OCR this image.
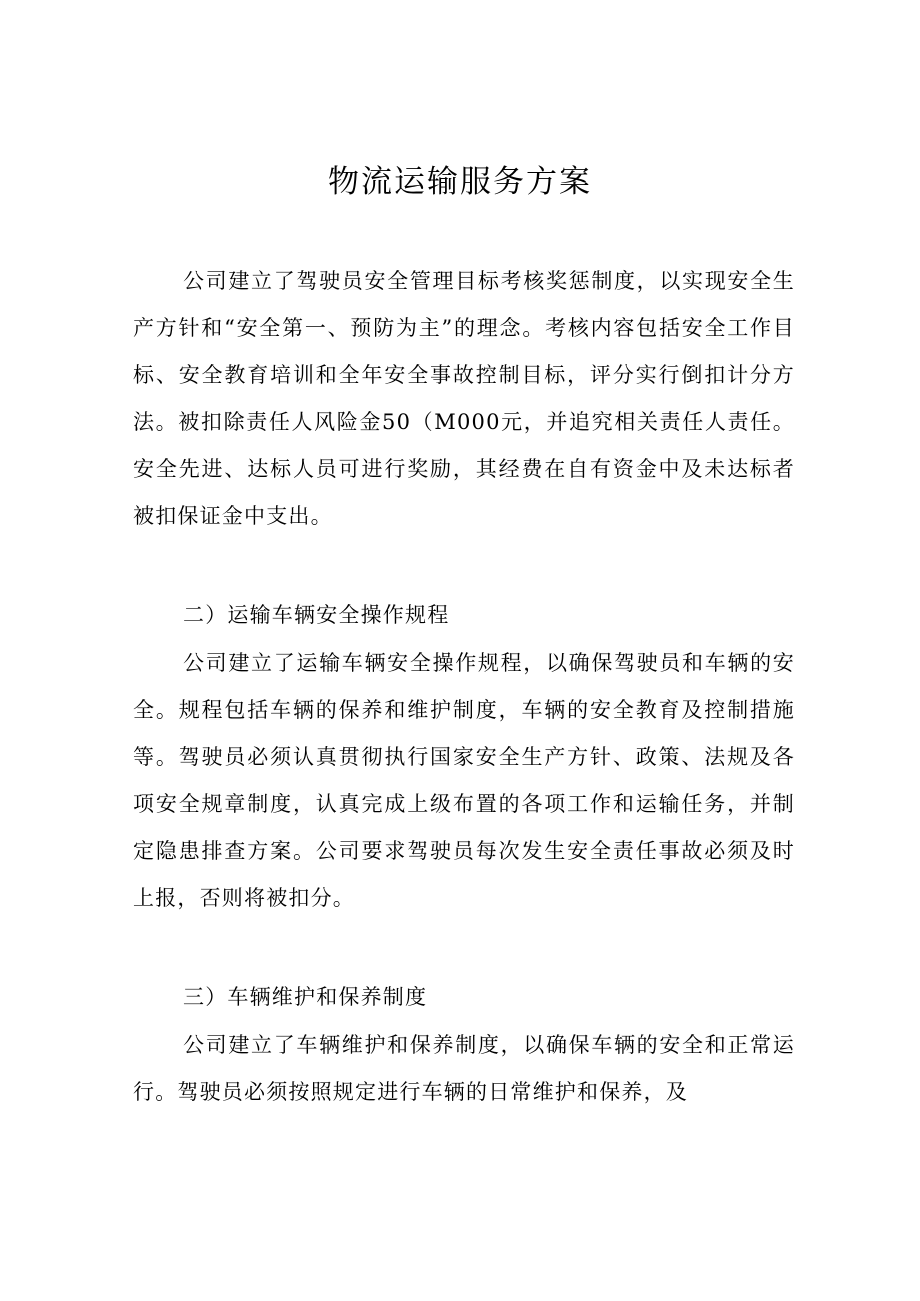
物流运输服务方案

公司建立了驾驶员安全管理目标考核奖惩制度，以实现安全生产方针和“安全第一、预防为主”的理念。考核内容包括安全工作目标、安全教育培训和全年安全事故控制目标，评分实行倒扣计分方法。被扣除责任人风险金50（M000元，并追究相关责任人责任。安全先进、达标人员可进行奖励，其经费在自有资金中及未达标者被扣保证金中支出。

二）运输车辆安全操作规程

公司建立了运输车辆安全操作规程，以确保驾驶员和车辆的安全。规程包括车辆的保养和维护制度，车辆的安全教育及控制措施等。驾驶员必须认真贯彻执行国家安全生产方针、政策、法规及各项安全规章制度，认真完成上级布置的各项工作和运输任务，并制定隐患排查方案。公司要求驾驶员每次发生安全责任事故必须及时上报，否则将被扣分。

三）车辆维护和保养制度

公司建立了车辆维护和保养制度，以确保车辆的安全和正常运行。驾驶员必须按照规定进行车辆的日常维护和保养，及
